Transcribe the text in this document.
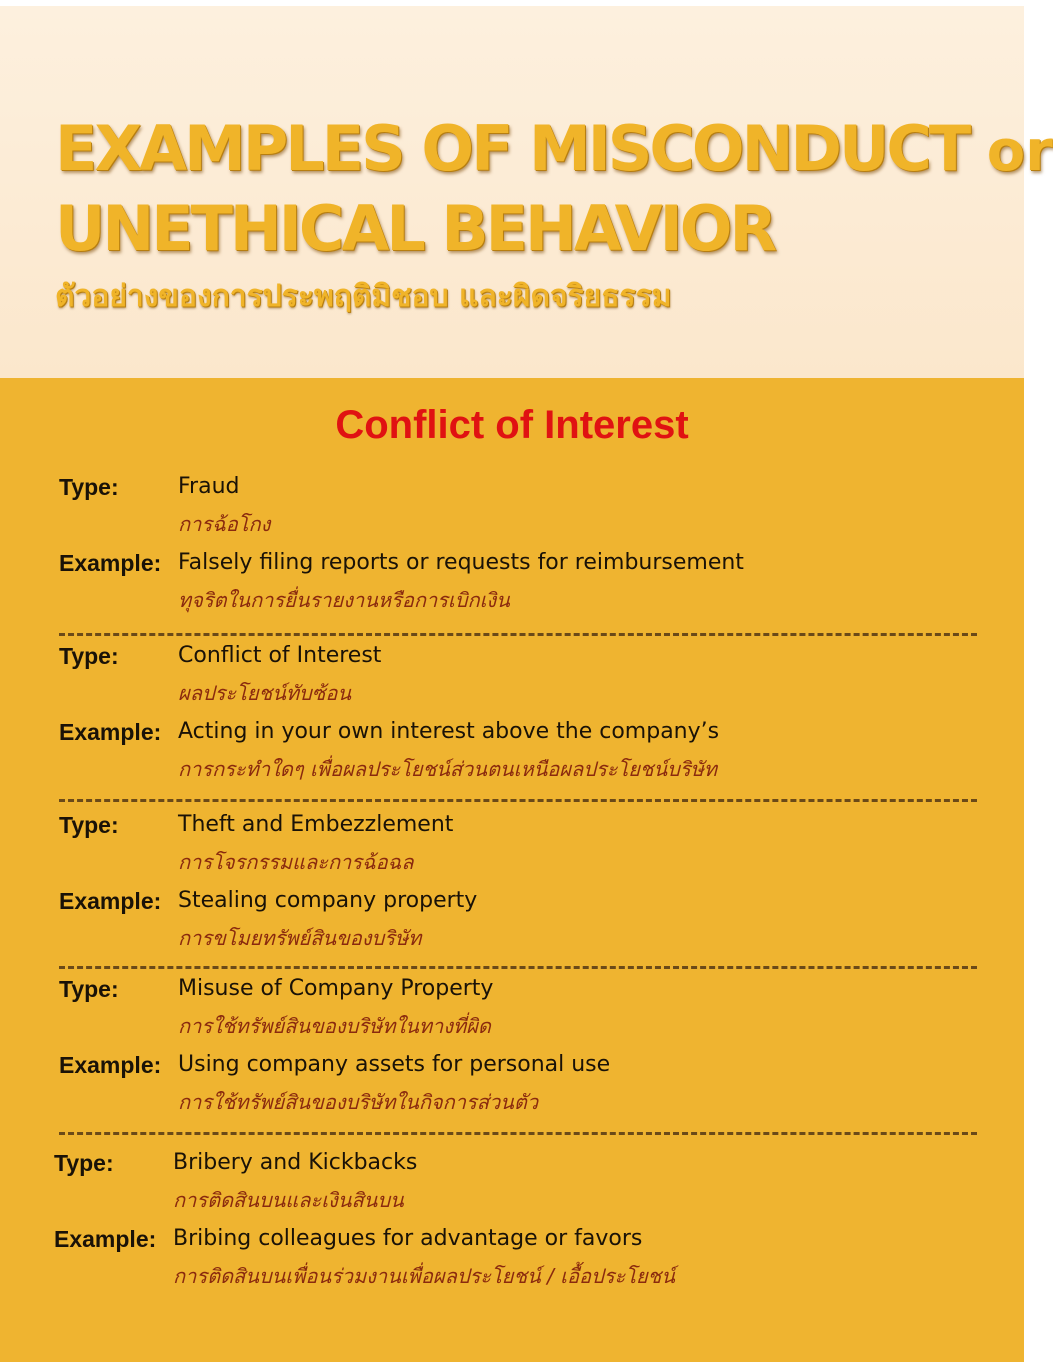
EXAMPLES OF MISCONDUCT or
UNETHICAL BEHAVIOR

ตัวอย่างของการประพฤติมิชอบ และผิดจริยธรรม

Conflict of Interest
Type:	Fraud
การฉ้อโกง
Example: Falsely filing reports or requests for reimbursement
ทุจริตในการยื่นรายงานหรือการเบิกเงิน
Type:	Conflict of Interest
ผลประโยชน์ทับซ้อน
Example: Acting in your own interest above the company’s
การกระทำใดๆ เพื่อผลประโยชน์ส่วนตนเหนือผลประโยชน์บริษัท
Type:	Theft and Embezzlement
การโจรกรรมและการฉ้อฉล
Example: Stealing company property
การขโมยทรัพย์สินของบริษัท
Type:	Misuse of Company Property
การใช้ทรัพย์สินของบริษัทในทางที่ผิด
Example: Using company assets for personal use
การใช้ทรัพย์สินของบริษัทในกิจการส่วนตัว
Type:	Bribery and Kickbacks
การติดสินบนและเงินสินบน
Example: Bribing colleagues for advantage or favors
การติดสินบนเพื่อนร่วมงานเพื่อผลประโยชน์ / เอื้อประโยชน์
